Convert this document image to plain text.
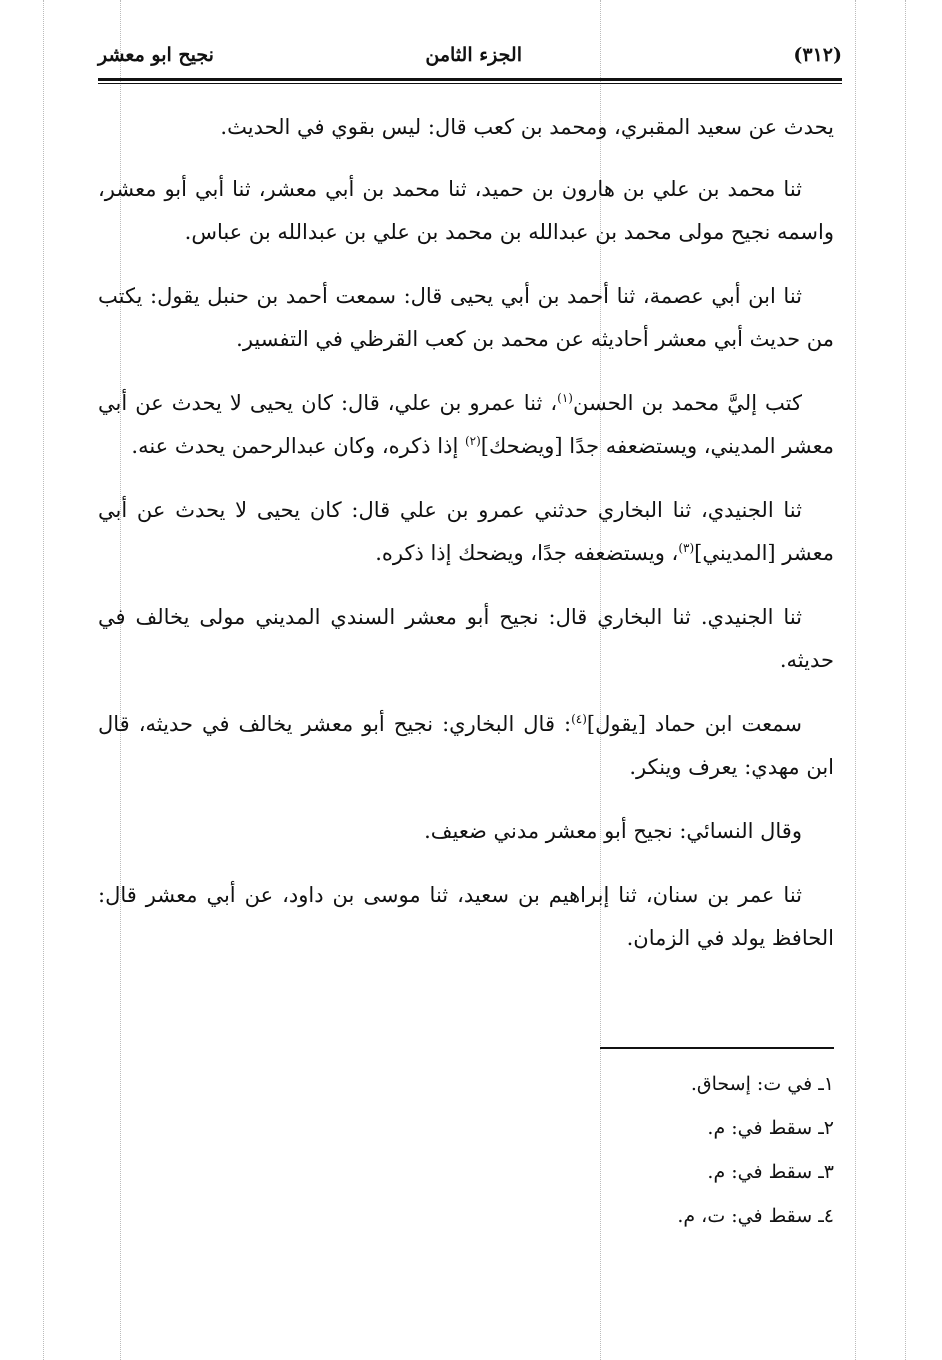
(٣١٢)
الجزء الثامن
نجيح ابو معشر

يحدث عن سعيد المقبري، ومحمد بن كعب قال: ليس بقوي في الحديث.

ثنا محمد بن علي بن هارون بن حميد، ثنا محمد بن أبي معشر، ثنا أبي أبو معشر، واسمه نجيح مولى محمد بن عبدالله بن محمد بن علي بن عبدالله بن عباس.

ثنا ابن أبي عصمة، ثنا أحمد بن أبي يحيى قال: سمعت أحمد بن حنبل يقول: يكتب من حديث أبي معشر أحاديثه عن محمد بن كعب القرظي في التفسير.

كتب إليَّ محمد بن الحسن$^{(١)}$، ثنا عمرو بن علي، قال: كان يحيى لا يحدث عن أبي معشر المديني، ويستضعفه جدًا [ويضحك]$^{(٢)}$ إذا ذكره، وكان عبدالرحمن يحدث عنه.

ثنا الجنيدي، ثنا البخاري حدثني عمرو بن علي قال: كان يحيى لا يحدث عن أبي معشر [المديني]$^{(٣)}$، ويستضعفه جدًا، ويضحك إذا ذكره.

ثنا الجنيدي. ثنا البخاري قال: نجيح أبو معشر السندي المديني مولى يخالف في حديثه.

سمعت ابن حماد [يقول]$^{(٤)}$: قال البخاري: نجيح أبو معشر يخالف في حديثه، قال ابن مهدي: يعرف وينكر.

وقال النسائي: نجيح أبو معشر مدني ضعيف.

ثنا عمر بن سنان، ثنا إبراهيم بن سعيد، ثنا موسى بن داود، عن أبي معشر قال: الحافظ يولد في الزمان.

١ـ في ت: إسحاق.
٢ـ سقط في: م.
٣ـ سقط في: م.
٤ـ سقط في: ت، م.
